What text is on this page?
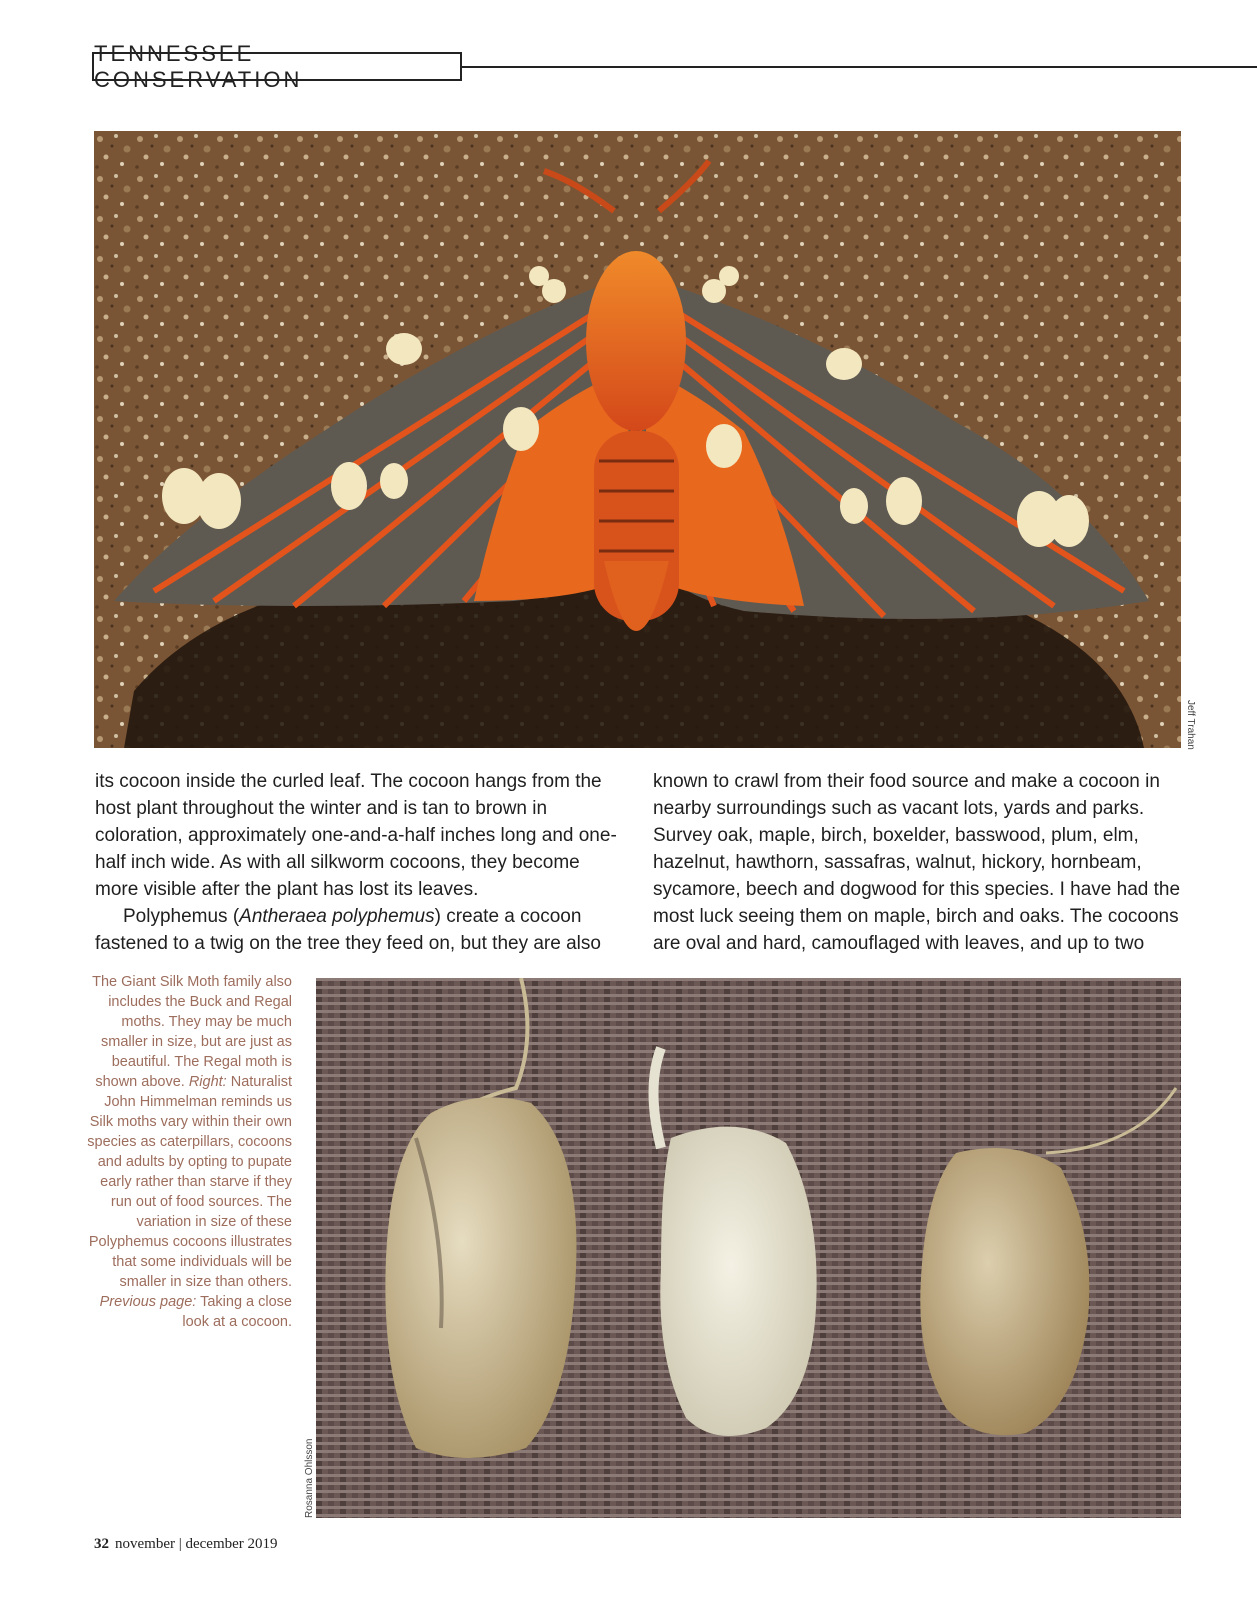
TENNESSEE CONSERVATION
Jeff Trahan

its cocoon inside the curled leaf. The cocoon hangs from the host plant throughout the winter and is tan to brown in coloration, approximately one-and-a-half inches long and one-half inch wide. As with all silkworm cocoons, they become more visible after the plant has lost its leaves.

Polyphemus (Antheraea polyphemus) create a cocoon fastened to a twig on the tree they feed on, but they are also

known to crawl from their food source and make a cocoon in nearby surroundings such as vacant lots, yards and parks. Survey oak, maple, birch, boxelder, basswood, plum, elm, hazelnut, hawthorn, sassafras, walnut, hickory, hornbeam, sycamore, beech and dogwood for this species. I have had the most luck seeing them on maple, birch and oaks. The cocoons are oval and hard, camouflaged with leaves, and up to two

The Giant Silk Moth family also includes the Buck and Regal moths. They may be much smaller in size, but are just as beautiful. The Regal moth is shown above. Right: Naturalist John Himmelman reminds us Silk moths vary within their own species as caterpillars, cocoons and adults by opting to pupate early rather than starve if they run out of food sources. The variation in size of these Polyphemus cocoons illustrates that some individuals will be smaller in size than others. Previous page: Taking a close look at a cocoon.
Rosanna Ohlsson
32 november | december 2019
